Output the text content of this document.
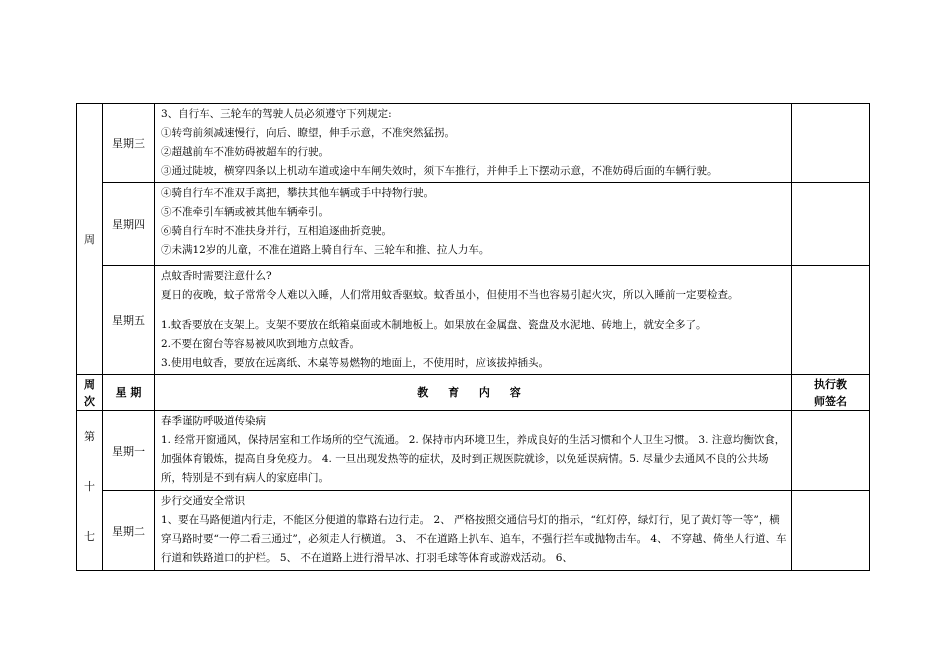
周	星期三	3、自行车、三轮车的驾驶人员必须遵守下列规定:
①转弯前须减速慢行，向后、瞭望，伸手示意，不准突然猛拐。
②超越前车不准妨碍被超车的行驶。
③通过陡坡，横穿四条以上机动车道或途中车闸失效时，须下车推行，并伸手上下摆动示意，不准妨碍后面的车辆行驶。	

	星期四	④骑自行车不准双手离把，攀扶其他车辆或手中持物行驶。
⑤不准牵引车辆或被其他车辆牵引。
⑥骑自行车时不准扶身并行，互相追逐曲折竞驶。
⑦未满12岁的儿童，不准在道路上骑自行车、三轮车和推、拉人力车。	

	星期五	点蚊香时需要注意什么?
夏日的夜晚，蚊子常常令人难以入睡，人们常用蚊香驱蚊。蚊香虽小，但使用不当也容易引起火灾，所以入睡前一定要检查。
1.蚊香要放在支架上。支架不要放在纸箱桌面或木制地板上。如果放在金属盘、瓷盘及水泥地、砖地上，就安全多了。
2.不要在窗台等容易被风吹到地方点蚊香。
3.使用电蚊香，要放在远离纸、木桌等易燃物的地面上，不使用时，应该拔掉插头。	

周
次	星 期	教 育 内 容	执行教
师签名

第
十
七	星期一	春季谨防呼吸道传染病
1. 经常开窗通风，保持居室和工作场所的空气流通。 2. 保持市内环境卫生，养成良好的生活习惯和个人卫生习惯。 3. 注意均衡饮食，加强体育锻炼，提高自身免疫力。 4. 一旦出现发热等的症状，及时到正规医院就诊，以免延误病情。5. 尽量少去通风不良的公共场所，特别是不到有病人的家庭串门。	

	星期二	步行交通安全常识
1、要在马路便道内行走，不能区分便道的靠路右边行走。 2、 严格按照交通信号灯的指示，“红灯停，绿灯行，见了黄灯等一等”，横穿马路时要“一停二看三通过”，必须走人行横道。 3、 不在道路上扒车、追车，不强行拦车或抛物击车。 4、 不穿越、倚坐人行道、车行道和铁路道口的护栏。 5、 不在道路上进行滑旱冰、打羽毛球等体育或游戏活动。 6、	
